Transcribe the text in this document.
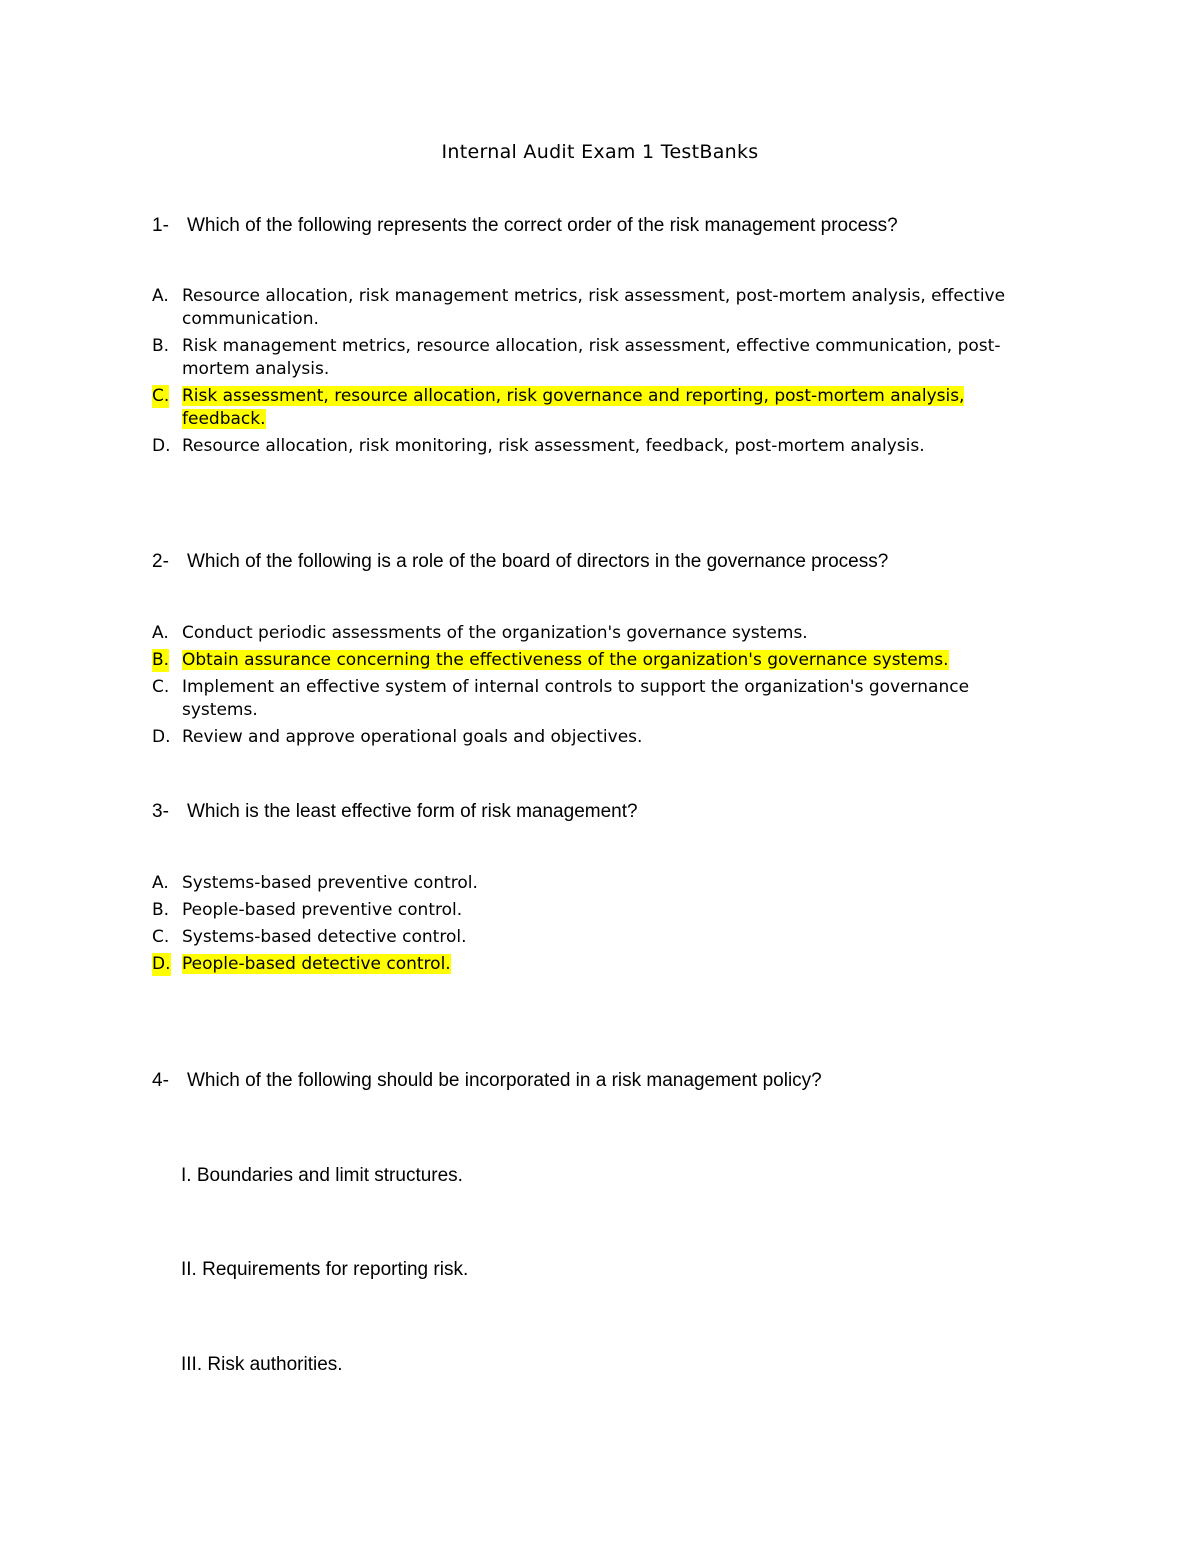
Internal Audit Exam 1 TestBanks
1- Which of the following represents the correct order of the risk management process?
A. Resource allocation, risk management metrics, risk assessment, post-mortem analysis, effective communication.
B. Risk management metrics, resource allocation, risk assessment, effective communication, post-mortem analysis.
C. Risk assessment, resource allocation, risk governance and reporting, post-mortem analysis, feedback.
D. Resource allocation, risk monitoring, risk assessment, feedback, post-mortem analysis.
2- Which of the following is a role of the board of directors in the governance process?
A. Conduct periodic assessments of the organization's governance systems.
B. Obtain assurance concerning the effectiveness of the organization's governance systems.
C. Implement an effective system of internal controls to support the organization's governance systems.
D. Review and approve operational goals and objectives.
3- Which is the least effective form of risk management?
A. Systems-based preventive control.
B. People-based preventive control.
C. Systems-based detective control.
D. People-based detective control.
4- Which of the following should be incorporated in a risk management policy?
I. Boundaries and limit structures.
II. Requirements for reporting risk.
III. Risk authorities.
